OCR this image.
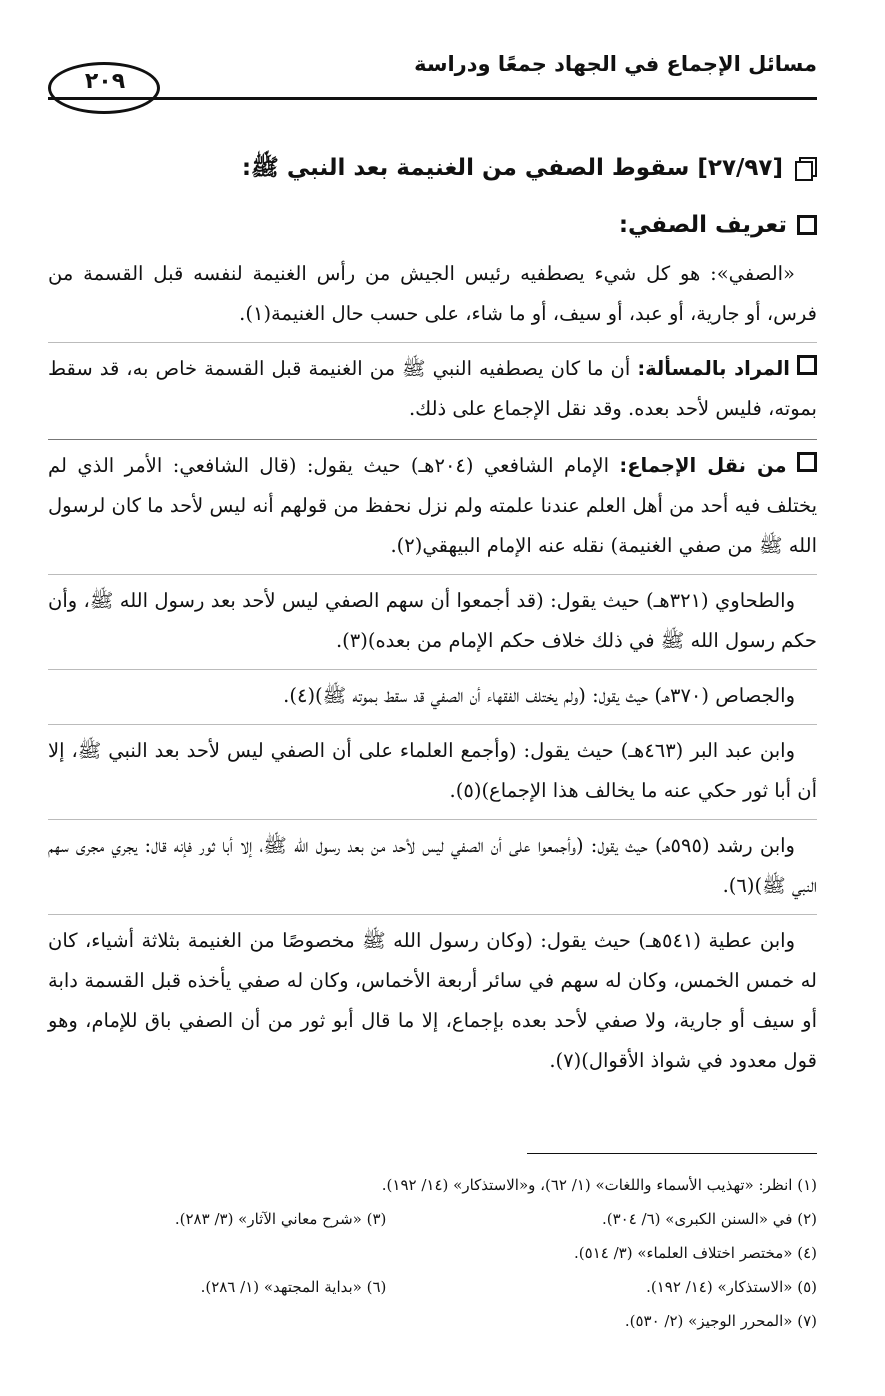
مسائل الإجماع في الجهاد جمعًا ودراسة
٢٠٩
[٢٧/٩٧] سقوط الصفي من الغنيمة بعد النبي ﷺ:
تعريف الصفي:

«الصفي»: هو كل شيء يصطفيه رئيس الجيش من رأس الغنيمة لنفسه قبل القسمة من فرس، أو جارية، أو عبد، أو سيف، أو ما شاء، على حسب حال الغنيمة(١).

المراد بالمسألة: أن ما كان يصطفيه النبي ﷺ من الغنيمة قبل القسمة خاص به، قد سقط بموته، فليس لأحد بعده. وقد نقل الإجماع على ذلك.

من نقل الإجماع: الإمام الشافعي (٢٠٤هـ) حيث يقول: (قال الشافعي: الأمر الذي لم يختلف فيه أحد من أهل العلم عندنا علمته ولم نزل نحفظ من قولهم أنه ليس لأحد ما كان لرسول الله ﷺ من صفي الغنيمة) نقله عنه الإمام البيهقي(٢).

والطحاوي (٣٢١هـ) حيث يقول: (قد أجمعوا أن سهم الصفي ليس لأحد بعد رسول الله ﷺ، وأن حكم رسول الله ﷺ في ذلك خلاف حكم الإمام من بعده)(٣).

والجصاص (٣٧٠هـ) حيث يقول: (ولم يختلف الفقهاء أن الصفي قد سقط بموته ﷺ)(٤).

وابن عبد البر (٤٦٣هـ) حيث يقول: (وأجمع العلماء على أن الصفي ليس لأحد بعد النبي ﷺ، إلا أن أبا ثور حكي عنه ما يخالف هذا الإجماع)(٥).

وابن رشد (٥٩٥هـ) حيث يقول: (وأجمعوا على أن الصفي ليس لأحد من بعد رسول الله ﷺ، إلا أبا ثور فإنه قال: يجري مجرى سهم النبي ﷺ)(٦).

وابن عطية (٥٤١هـ) حيث يقول: (وكان رسول الله ﷺ مخصوصًا من الغنيمة بثلاثة أشياء، كان له خمس الخمس، وكان له سهم في سائر أربعة الأخماس، وكان له صفي يأخذه قبل القسمة دابة أو سيف أو جارية، ولا صفي لأحد بعده بإجماع، إلا ما قال أبو ثور من أن الصفي باق للإمام، وهو قول معدود في شواذ الأقوال)(٧).

(١) انظر: «تهذيب الأسماء واللغات» (١/ ٦٢)، و«الاستذكار» (١٤/ ١٩٢).
(٢) في «السنن الكبرى» (٦/ ٣٠٤).
(٣) «شرح معاني الآثار» (٣/ ٢٨٣).
(٤) «مختصر اختلاف العلماء» (٣/ ٥١٤).
(٥) «الاستذكار» (١٤/ ١٩٢).
(٦) «بداية المجتهد» (١/ ٢٨٦).
(٧) «المحرر الوجيز» (٢/ ٥٣٠).
